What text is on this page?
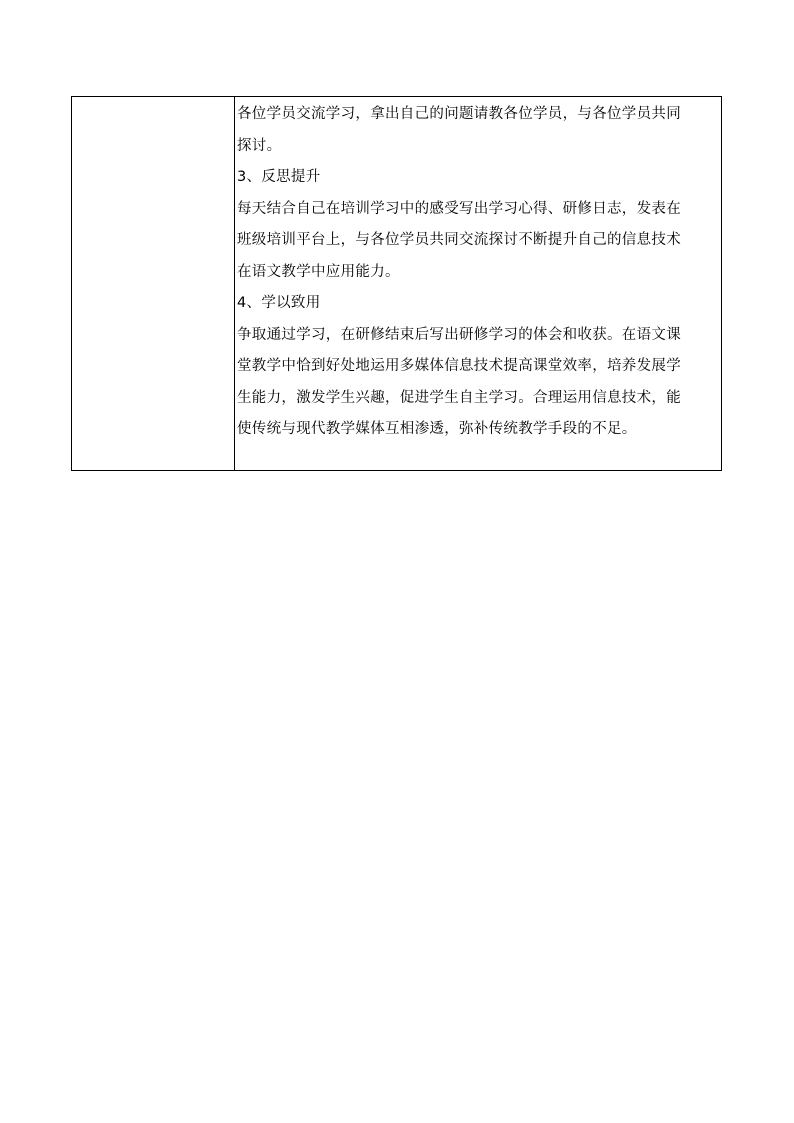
各位学员交流学习，拿出自己的问题请教各位学员，与各位学员共同
探讨。
3、反思提升
每天结合自己在培训学习中的感受写出学习心得、研修日志，发表在
班级培训平台上，与各位学员共同交流探讨不断提升自己的信息技术
在语文教学中应用能力。
4、学以致用
争取通过学习，在研修结束后写出研修学习的体会和收获。在语文课
堂教学中恰到好处地运用多媒体信息技术提高课堂效率，培养发展学
生能力，激发学生兴趣，促进学生自主学习。合理运用信息技术，能
使传统与现代教学媒体互相渗透，弥补传统教学手段的不足。
